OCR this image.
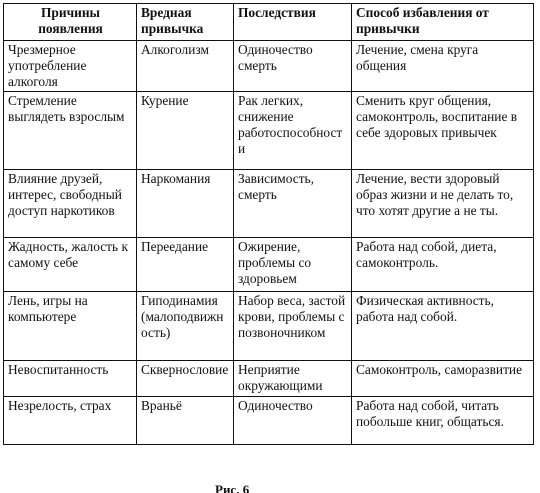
Причины появления	Вредная привычка	Последствия	Способ избавления от привычки
Чрезмерное употребление алкоголя	Алкоголизм	Одиночество смерть	Лечение, смена круга общения
Стремление выглядеть взрослым	Курение	Рак легких, снижение работоспособности	Сменить круг общения, самоконтроль, воспитание в себе здоровых привычек
Влияние друзей, интерес, свободный доступ наркотиков	Наркомания	Зависимость, смерть	Лечение, вести здоровый образ жизни и не делать то, что хотят другие а не ты.
Жадность, жалость к самому себе	Переедание	Ожирение, проблемы со здоровьем	Работа над собой, диета, самоконтроль.
Лень, игры на компьютере	Гиподинамия (малоподвижность)	Набор веса, застой крови, проблемы с позвоночником	Физическая активность, работа над собой.
Невоспитанность	Сквернословие	Неприятие окружающими	Самоконтроль, саморазвитие
Незрелость, страх	Враньё	Одиночество	Работа над собой, читать побольше книг, общаться.
Рис. 6
